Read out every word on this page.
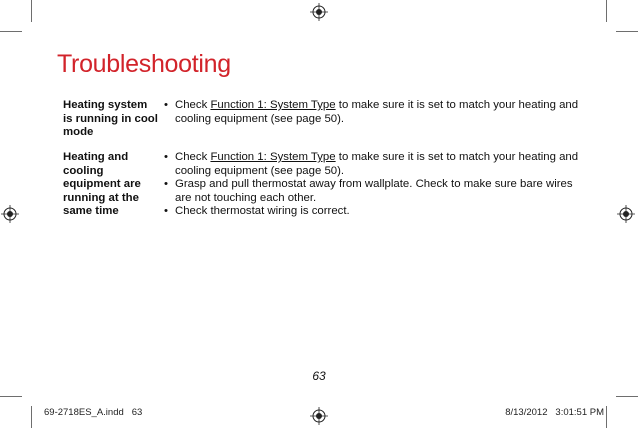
Troubleshooting
Heating system is running in cool mode
• Check Function 1: System Type to make sure it is set to match your heating and cooling equipment (see page 50).
Heating and cooling equipment are running at the same time
• Check Function 1: System Type to make sure it is set to match your heating and cooling equipment (see page 50).
• Grasp and pull thermostat away from wallplate. Check to make sure bare wires are not touching each other.
• Check thermostat wiring is correct.
63
69-2718ES_A.indd 63	8/13/2012 3:01:51 PM
